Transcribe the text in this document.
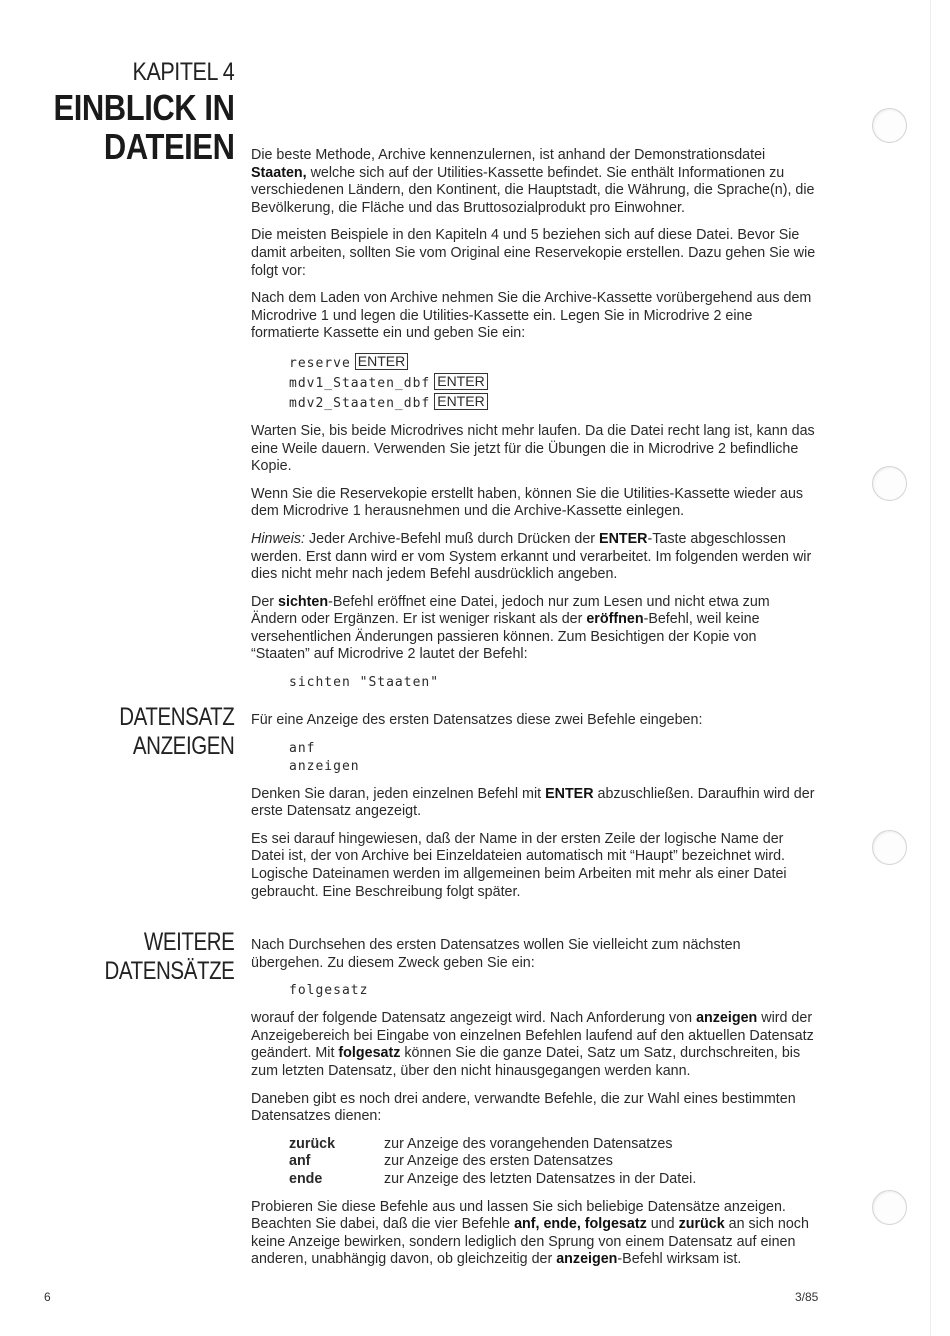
KAPITEL 4
EINBLICK IN
DATEIEN
DATENSATZ
ANZEIGEN
WEITERE
DATENSÄTZE

Die beste Methode, Archive kennenzulernen, ist anhand der Demonstrationsdatei Staaten, welche sich auf der Utilities-Kassette befindet. Sie enthält Informationen zu verschiedenen Ländern, den Kontinent, die Hauptstadt, die Währung, die Sprache(n), die Bevölkerung, die Fläche und das Bruttosozialprodukt pro Einwohner.

Die meisten Beispiele in den Kapiteln 4 und 5 beziehen sich auf diese Datei. Bevor Sie damit arbeiten, sollten Sie vom Original eine Reservekopie erstellen. Dazu gehen Sie wie folgt vor:

Nach dem Laden von Archive nehmen Sie die Archive-Kassette vorübergehend aus dem Microdrive 1 und legen die Utilities-Kassette ein. Legen Sie in Microdrive 2 eine formatierte Kassette ein und geben Sie ein:

reserve ENTER
mdv1_Staaten_dbf ENTER
mdv2_Staaten_dbf ENTER

Warten Sie, bis beide Microdrives nicht mehr laufen. Da die Datei recht lang ist, kann das eine Weile dauern. Verwenden Sie jetzt für die Übungen die in Microdrive 2 befindliche Kopie.

Wenn Sie die Reservekopie erstellt haben, können Sie die Utilities-Kassette wieder aus dem Microdrive 1 herausnehmen und die Archive-Kassette einlegen.

Hinweis: Jeder Archive-Befehl muß durch Drücken der ENTER-Taste abgeschlossen werden. Erst dann wird er vom System erkannt und verarbeitet. Im folgenden werden wir dies nicht mehr nach jedem Befehl ausdrücklich angeben.

Der sichten-Befehl eröffnet eine Datei, jedoch nur zum Lesen und nicht etwa zum Ändern oder Ergänzen. Er ist weniger riskant als der eröffnen-Befehl, weil keine versehentlichen Änderungen passieren können. Zum Besichtigen der Kopie von “Staaten” auf Microdrive 2 lautet der Befehl:

sichten "Staaten"

Für eine Anzeige des ersten Datensatzes diese zwei Befehle eingeben:

anf
anzeigen

Denken Sie daran, jeden einzelnen Befehl mit ENTER abzuschließen. Daraufhin wird der erste Datensatz angezeigt.

Es sei darauf hingewiesen, daß der Name in der ersten Zeile der logische Name der Datei ist, der von Archive bei Einzeldateien automatisch mit “Haupt” bezeichnet wird. Logische Dateinamen werden im allgemeinen beim Arbeiten mit mehr als einer Datei gebraucht. Eine Beschreibung folgt später.

Nach Durchsehen des ersten Datensatzes wollen Sie vielleicht zum nächsten übergehen. Zu diesem Zweck geben Sie ein:

folgesatz

worauf der folgende Datensatz angezeigt wird. Nach Anforderung von anzeigen wird der Anzeigebereich bei Eingabe von einzelnen Befehlen laufend auf den aktuellen Datensatz geändert. Mit folgesatz können Sie die ganze Datei, Satz um Satz, durchschreiten, bis zum letzten Datensatz, über den nicht hinausgegangen werden kann.

Daneben gibt es noch drei andere, verwandte Befehle, die zur Wahl eines bestimmten Datensatzes dienen:

zurück	zur Anzeige des vorangehenden Datensatzes
anf	zur Anzeige des ersten Datensatzes
ende	zur Anzeige des letzten Datensatzes in der Datei.

Probieren Sie diese Befehle aus und lassen Sie sich beliebige Datensätze anzeigen. Beachten Sie dabei, daß die vier Befehle anf, ende, folgesatz und zurück an sich noch keine Anzeige bewirken, sondern lediglich den Sprung von einem Datensatz auf einen anderen, unabhängig davon, ob gleichzeitig der anzeigen-Befehl wirksam ist.

6	3/85
